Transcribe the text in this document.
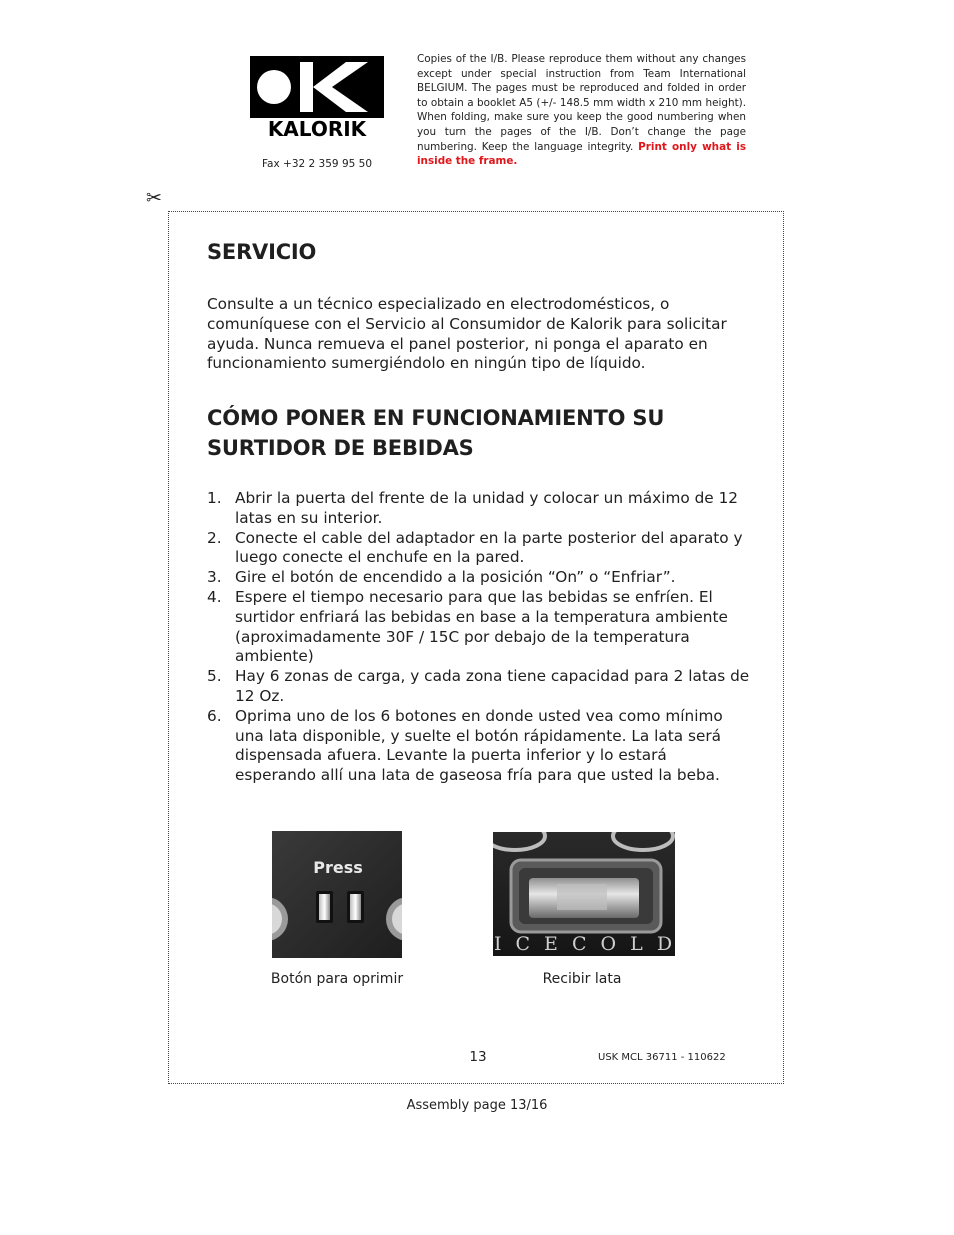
KALORIK
Fax +32 2 359 95 50
Copies of the I/B. Please reproduce them without any changes except under special instruction from Team International BELGIUM. The pages must be reproduced and folded in order to obtain a booklet A5 (+/- 148.5 mm width x 210 mm height). When folding, make sure you keep the good numbering when you turn the pages of the I/B. Don’t change the page numbering. Keep the language integrity. Print only what is inside the frame.
✂
SERVICIO
Consulte a un técnico especializado en electrodomésticos, o comuníquese con el Servicio al Consumidor de Kalorik para solicitar ayuda. Nunca remueva el panel posterior, ni ponga el aparato en funcionamiento sumergiéndolo en ningún tipo de líquido.
CÓMO PONER EN FUNCIONAMIENTO SU
SURTIDOR DE BEBIDAS
1. Abrir la puerta del frente de la unidad y colocar un máximo de 12 latas en su interior.
2. Conecte el cable del adaptador en la parte posterior del aparato y luego conecte el enchufe en la pared.
3. Gire el botón de encendido a la posición “On” o “Enfriar”.
4. Espere el tiempo necesario para que las bebidas se enfríen. El surtidor enfriará las bebidas en base a la temperatura ambiente (aproximadamente 30F / 15C por debajo de la temperatura ambiente)
5. Hay 6 zonas de carga, y cada zona tiene capacidad para 2 latas de 12 Oz.
6. Oprima uno de los 6 botones en donde usted vea como mínimo una lata disponible, y suelte el botón rápidamente. La lata será dispensada afuera. Levante la puerta inferior y lo estará esperando allí una lata de gaseosa fría para que usted la beba.
Press
I C E C O L D
Botón para oprimir	Recibir lata
13	USK MCL 36711 - 110622
Assembly page 13/16
